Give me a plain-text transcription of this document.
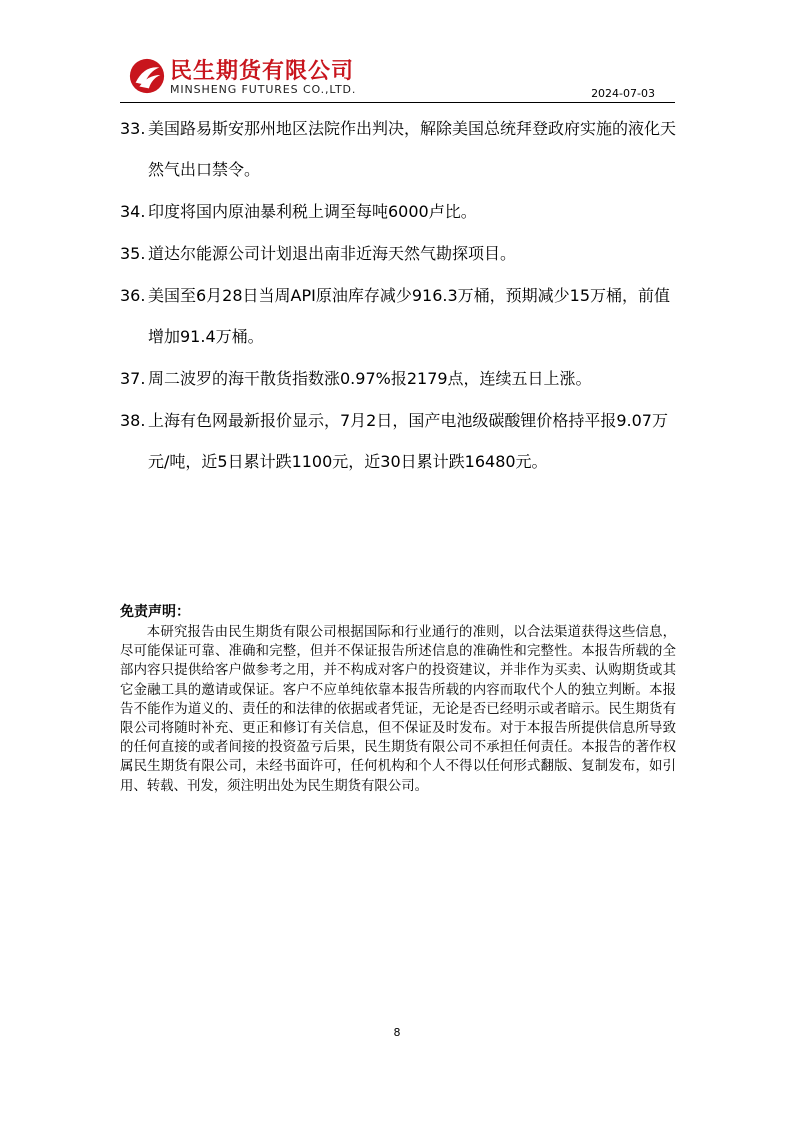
民生期货有限公司
MINSHENG FUTURES CO.,LTD.	2024-07-03
33. 美国路易斯安那州地区法院作出判决，解除美国总统拜登政府实施的液化天然气出口禁令。
34. 印度将国内原油暴利税上调至每吨6000卢比。
35. 道达尔能源公司计划退出南非近海天然气勘探项目。
36. 美国至6月28日当周API原油库存减少916.3万桶，预期减少15万桶，前值增加91.4万桶。
37. 周二波罗的海干散货指数涨0.97%报2179点，连续五日上涨。
38. 上海有色网最新报价显示，7月2日，国产电池级碳酸锂价格持平报9.07万元/吨，近5日累计跌1100元，近30日累计跌16480元。
免责声明：
本研究报告由民生期货有限公司根据国际和行业通行的准则，以合法渠道获得这些信息，尽可能保证可靠、准确和完整，但并不保证报告所述信息的准确性和完整性。本报告所载的全部内容只提供给客户做参考之用，并不构成对客户的投资建议，并非作为买卖、认购期货或其它金融工具的邀请或保证。客户不应单纯依靠本报告所载的内容而取代个人的独立判断。本报告不能作为道义的、责任的和法律的依据或者凭证，无论是否已经明示或者暗示。民生期货有限公司将随时补充、更正和修订有关信息，但不保证及时发布。对于本报告所提供信息所导致的任何直接的或者间接的投资盈亏后果，民生期货有限公司不承担任何责任。本报告的著作权属民生期货有限公司，未经书面许可，任何机构和个人不得以任何形式翻版、复制发布，如引用、转载、刊发，须注明出处为民生期货有限公司。
8
